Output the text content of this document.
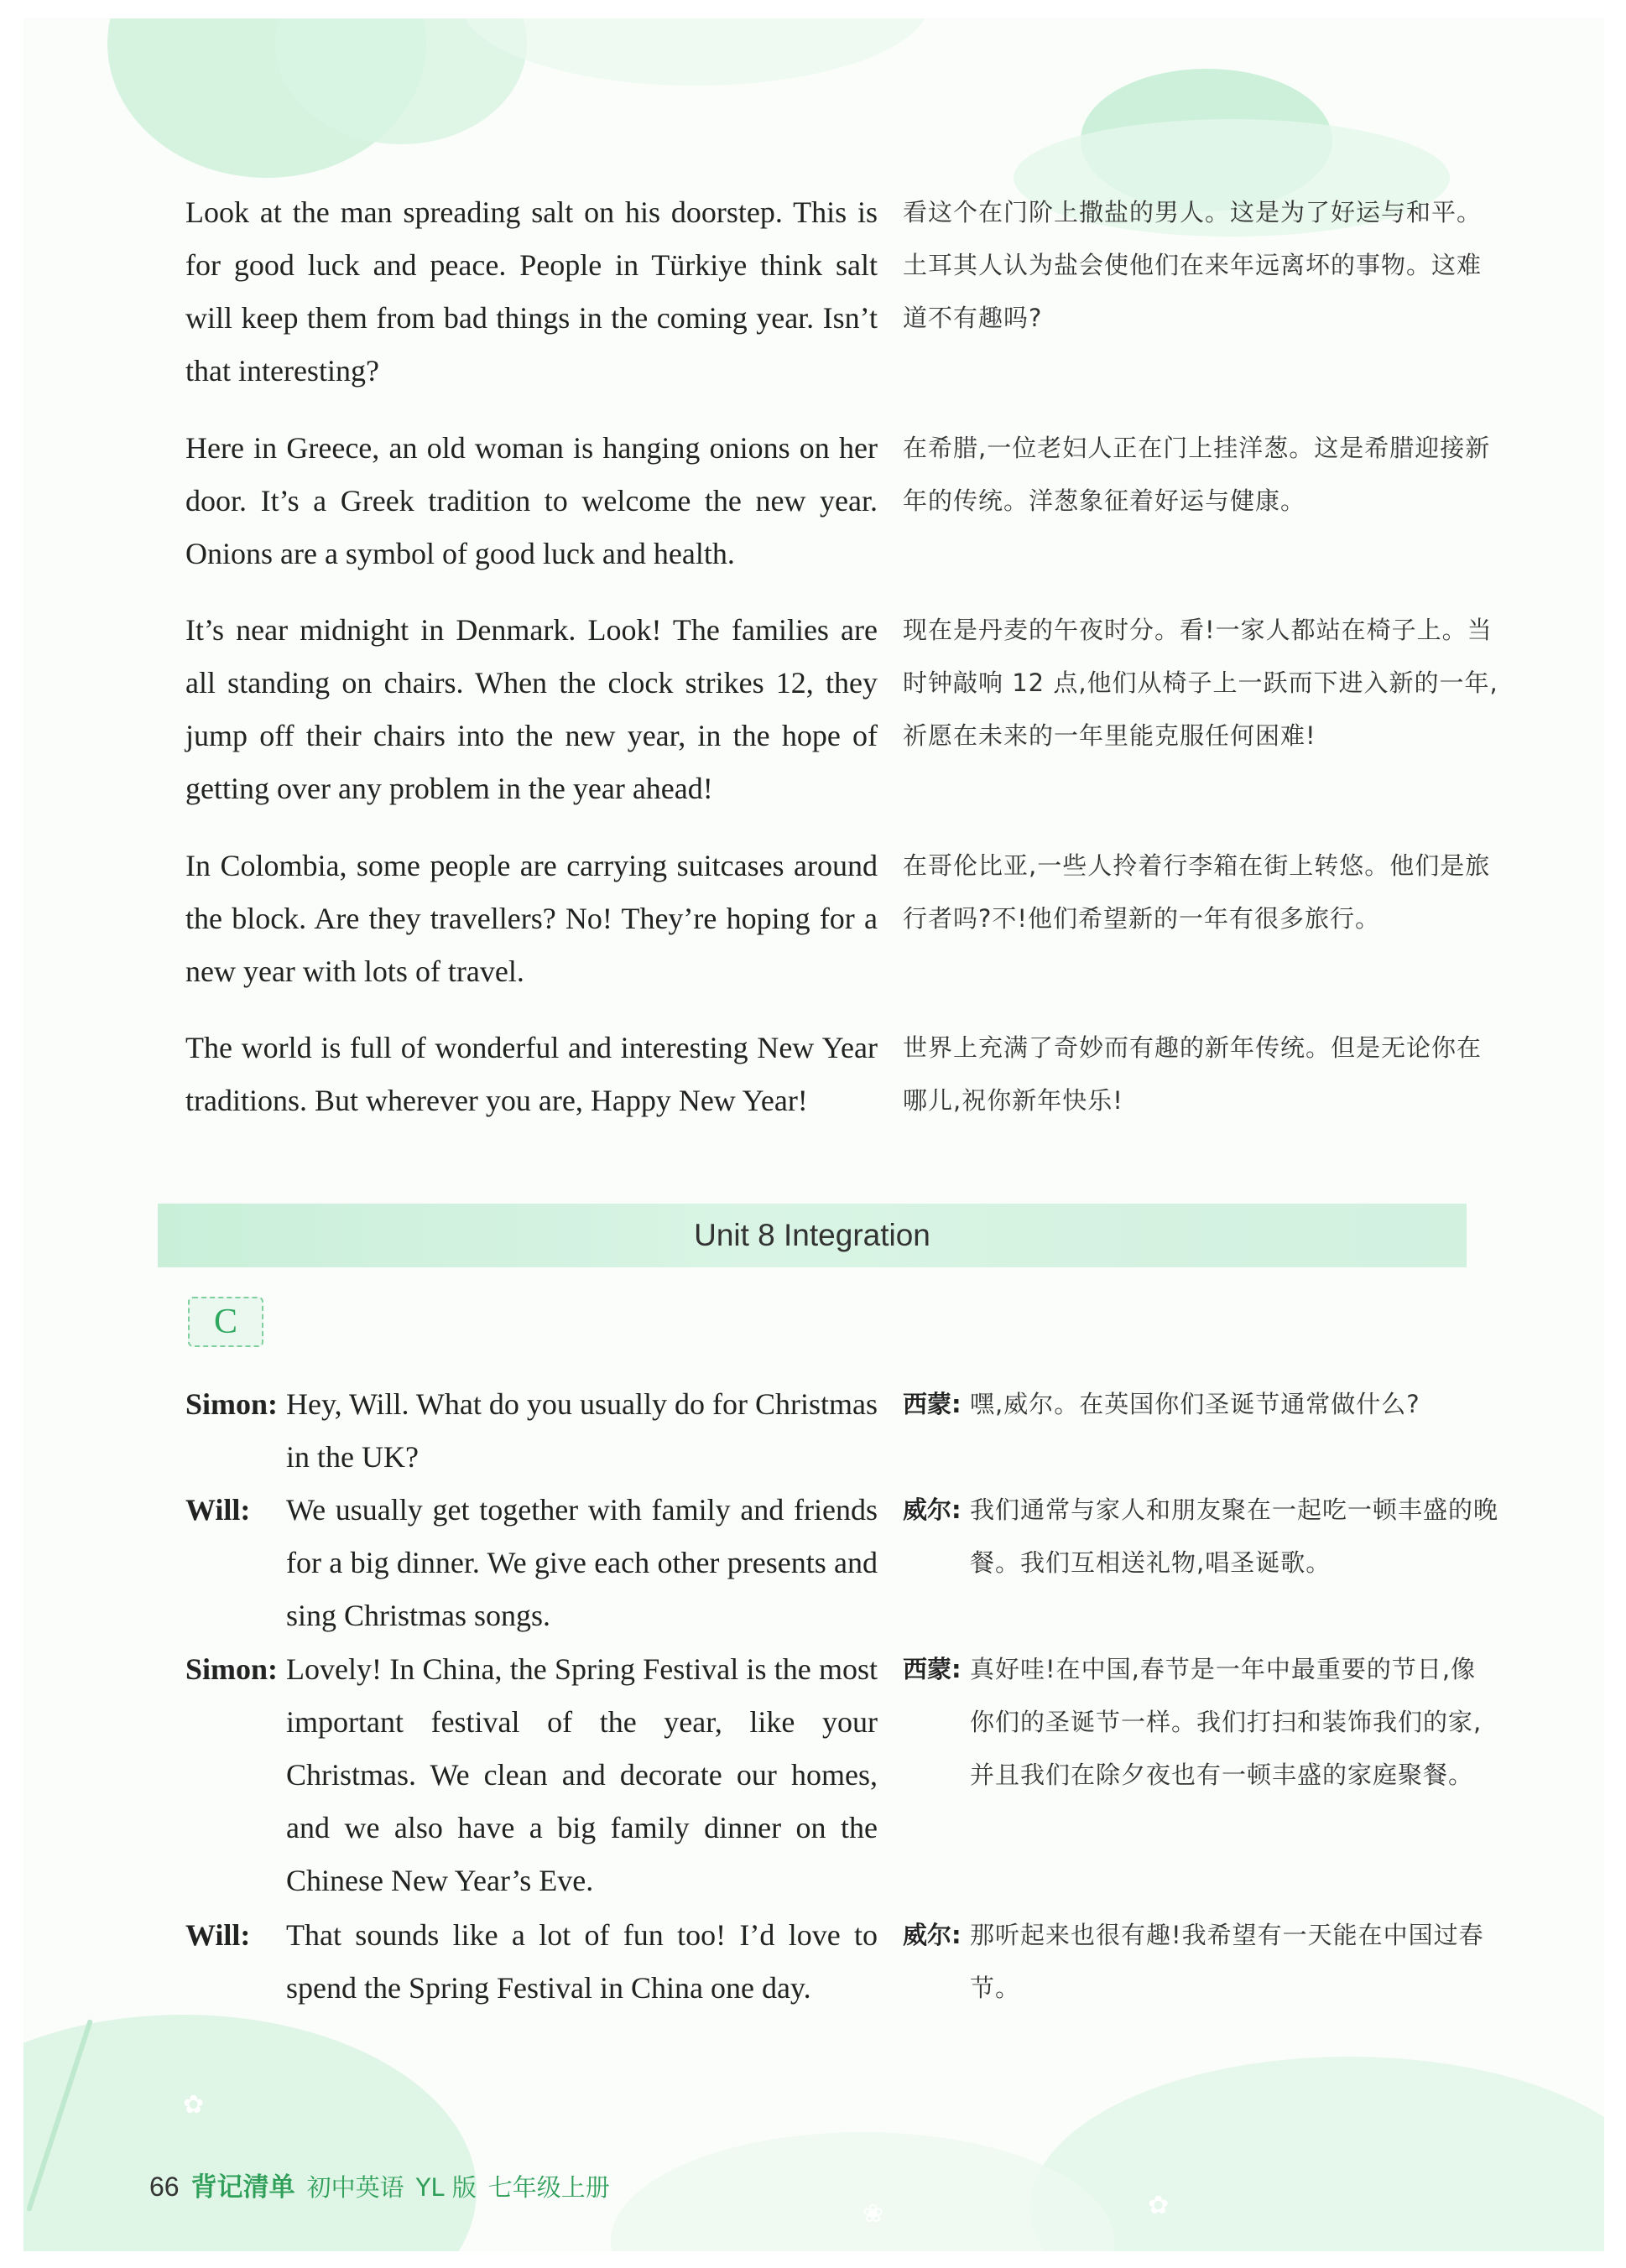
✿
✿
❀

Look at the man spreading salt on his doorstep. This is for good luck and peace. People in Türkiye think salt will keep them from bad things in the coming year. Isn’t that interesting?

看这个在门阶上撒盐的男人。这是为了好运与和平。土耳其人认为盐会使他们在来年远离坏的事物。这难道不有趣吗?

Here in Greece, an old woman is hanging onions on her door. It’s a Greek tradition to welcome the new year. Onions are a symbol of good luck and health.

在希腊,一位老妇人正在门上挂洋葱。这是希腊迎接新年的传统。洋葱象征着好运与健康。

It’s near midnight in Denmark. Look! The families are all standing on chairs. When the clock strikes 12, they jump off their chairs into the new year, in the hope of getting over any problem in the year ahead!

现在是丹麦的午夜时分。看!一家人都站在椅子上。当时钟敲响 12 点,他们从椅子上一跃而下进入新的一年,祈愿在未来的一年里能克服任何困难!

In Colombia, some people are carrying suitcases around the block. Are they travellers? No! They’re hoping for a new year with lots of travel.

在哥伦比亚,一些人拎着行李箱在街上转悠。他们是旅行者吗?不!他们希望新的一年有很多旅行。

The world is full of wonderful and interesting New Year traditions. But wherever you are, Happy New Year!

世界上充满了奇妙而有趣的新年传统。但是无论你在哪儿,祝你新年快乐!

Unit 8 Integration
C
Simon: Hey, Will. What do you usually do for Christmas in the UK?

西蒙: 嘿,威尔。在英国你们圣诞节通常做什么?

Will:	We usually get together with family and friends for a big dinner. We give each other presents and sing Christmas songs.

威尔: 我们通常与家人和朋友聚在一起吃一顿丰盛的晚餐。我们互相送礼物,唱圣诞歌。

Simon: Lovely! In China, the Spring Festival is the most important festival of the year, like your Christmas. We clean and decorate our homes, and we also have a big family dinner on the Chinese New Year’s Eve.

西蒙: 真好哇!在中国,春节是一年中最重要的节日,像你们的圣诞节一样。我们打扫和装饰我们的家,并且我们在除夕夜也有一顿丰盛的家庭聚餐。

Will:	That sounds like a lot of fun too! I’d love to spend the Spring Festival in China one day.

威尔: 那听起来也很有趣!我希望有一天能在中国过春节。

66 背记清单 初中英语 YL 版 七年级上册
